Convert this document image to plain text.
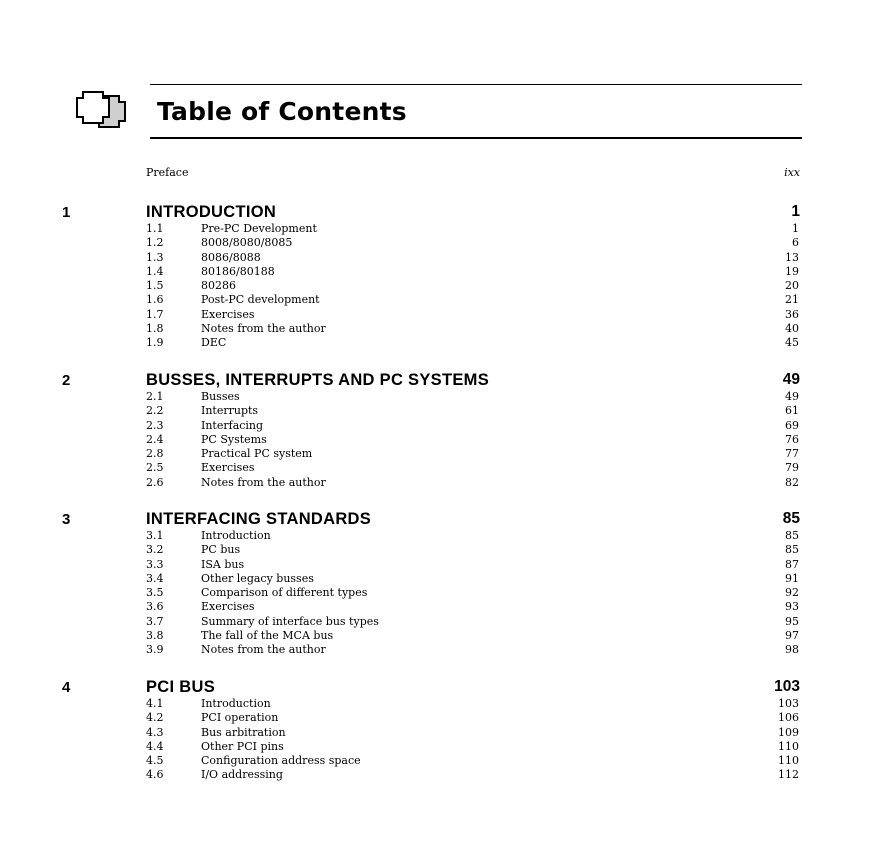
Table of Contents
Preface	ixx
1	INTRODUCTION	1
1.1	Pre-PC Development	1
1.2	8008/8080/8085	6
1.3	8086/8088	13
1.4	80186/80188	19
1.5	80286	20
1.6	Post-PC development	21
1.7	Exercises	36
1.8	Notes from the author	40
1.9	DEC	45
2	BUSSES, INTERRUPTS AND PC SYSTEMS	49
2.1	Busses	49
2.2	Interrupts	61
2.3	Interfacing	69
2.4	PC Systems	76
2.8	Practical PC system	77
2.5	Exercises	79
2.6	Notes from the author	82
3	INTERFACING STANDARDS	85
3.1	Introduction	85
3.2	PC bus	85
3.3	ISA bus	87
3.4	Other legacy busses	91
3.5	Comparison of different types	92
3.6	Exercises	93
3.7	Summary of interface bus types	95
3.8	The fall of the MCA bus	97
3.9	Notes from the author	98
4	PCI BUS	103
4.1	Introduction	103
4.2	PCI operation	106
4.3	Bus arbitration	109
4.4	Other PCI pins	110
4.5	Configuration address space	110
4.6	I/O addressing	112
